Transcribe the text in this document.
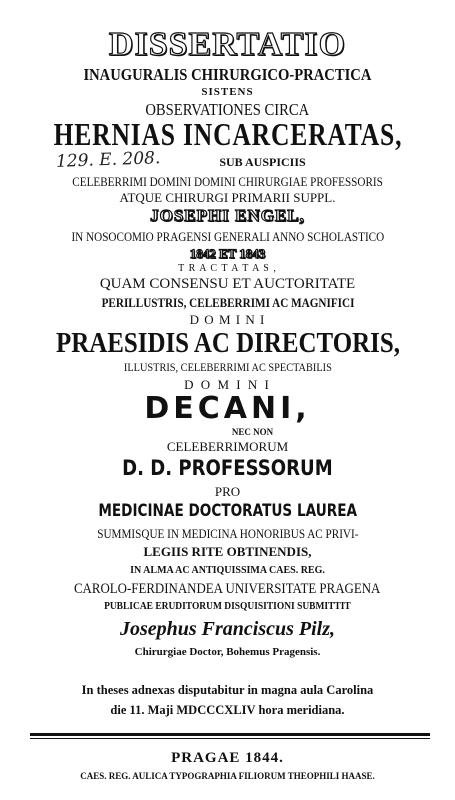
DISSERTATIO
INAUGURALIS CHIRURGICO-PRACTICA
SISTENS
OBSERVATIONES CIRCA
HERNIAS INCARCERATAS,
129. E. 208.	SUB AUSPICIIS
CELEBERRIMI DOMINI DOMINI CHIRURGIAE PROFESSORIS
ATQUE CHIRURGI PRIMARII SUPPL.
JOSEPHI ENGEL,
IN NOSOCOMIO PRAGENSI GENERALI ANNO SCHOLASTICO
1842 ET 1843
T R A C T A T A S ,
QUAM CONSENSU ET AUCTORITATE
PERILLUSTRIS, CELEBERRIMI AC MAGNIFICI
D O M I N I
PRAESIDIS AC DIRECTORIS,
ILLUSTRIS, CELEBERRIMI AC SPECTABILIS
D O M I N I
DECANI,
NEC NON
CELEBERRIMORUM
D. D. PROFESSORUM
PRO
MEDICINAE DOCTORATUS LAUREA
SUMMISQUE IN MEDICINA HONORIBUS AC PRIVI-
LEGIIS RITE OBTINENDIS,
IN ALMA AC ANTIQUISSIMA CAES. REG.
CAROLO-FERDINANDEA UNIVERSITATE PRAGENA
PUBLICAE ERUDITORUM DISQUISITIONI SUBMITTIT
Josephus Franciscus Pilz,
Chirurgiae Doctor, Bohemus Pragensis.
In theses adnexas disputabitur in magna aula Carolina
die 11. Maji MDCCCXLIV hora meridiana.
PRAGAE 1844.
CAES. REG. AULICA TYPOGRAPHIA FILIORUM THEOPHILI HAASE.
